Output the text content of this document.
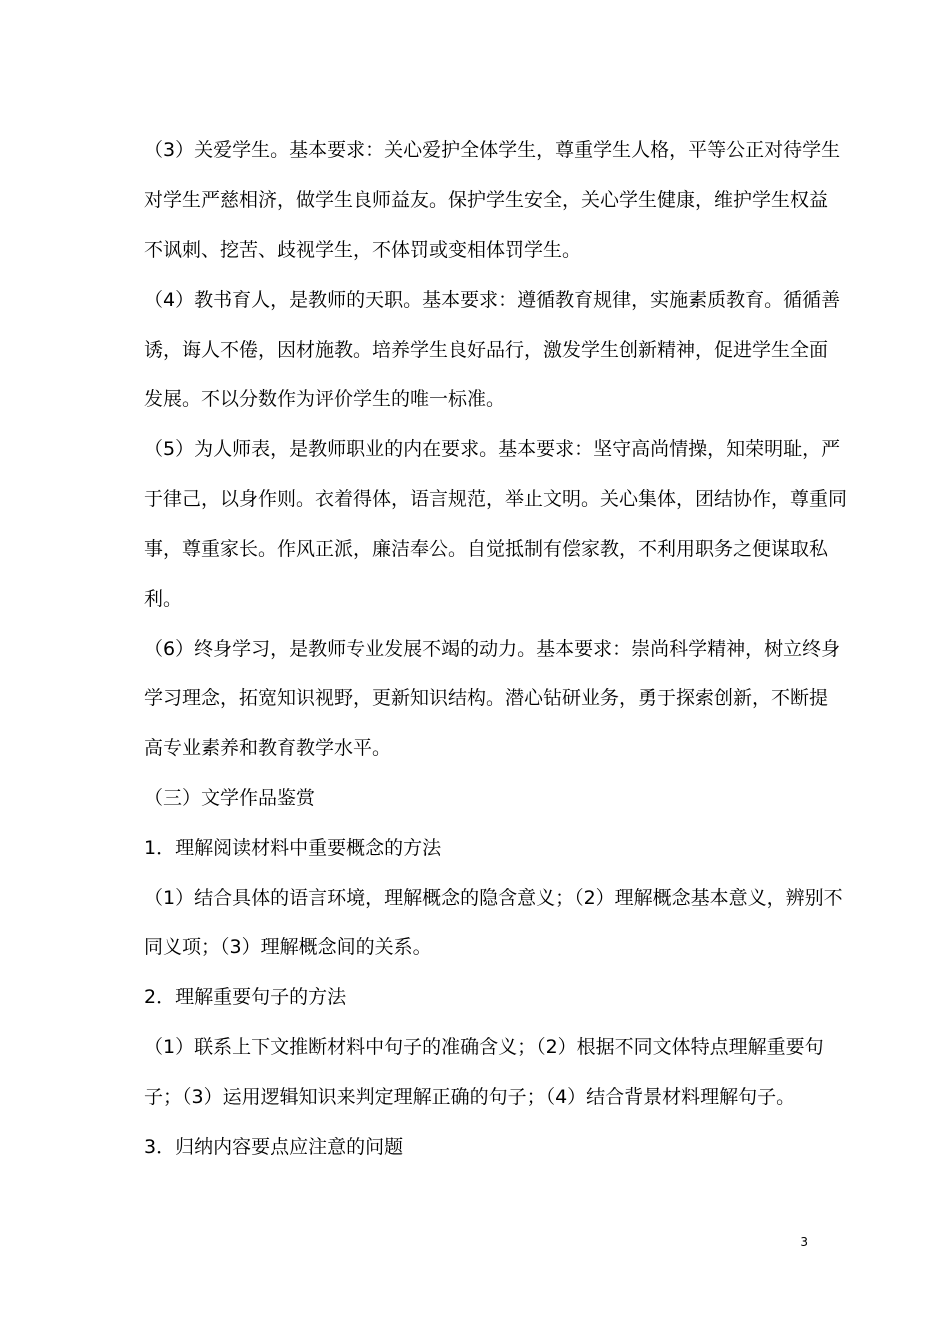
（3）关爱学生。基本要求：关心爱护全体学生，尊重学生人格，平等公正对待学生
对学生严慈相济，做学生良师益友。保护学生安全，关心学生健康，维护学生权益
不讽刺、挖苦、歧视学生，不体罚或变相体罚学生。
（4）教书育人，是教师的天职。基本要求：遵循教育规律，实施素质教育。循循善
诱，诲人不倦，因材施教。培养学生良好品行，激发学生创新精神，促进学生全面
发展。不以分数作为评价学生的唯一标准。
（5）为人师表，是教师职业的内在要求。基本要求：坚守高尚情操，知荣明耻，严
于律己，以身作则。衣着得体，语言规范，举止文明。关心集体，团结协作，尊重同
事，尊重家长。作风正派，廉洁奉公。自觉抵制有偿家教，不利用职务之便谋取私
利。
（6）终身学习，是教师专业发展不竭的动力。基本要求：崇尚科学精神，树立终身
学习理念，拓宽知识视野，更新知识结构。潜心钻研业务，勇于探索创新，不断提
高专业素养和教育教学水平。
（三）文学作品鉴赏
1．理解阅读材料中重要概念的方法
（1）结合具体的语言环境，理解概念的隐含意义；（2）理解概念基本意义，辨别不
同义项；（3）理解概念间的关系。
2．理解重要句子的方法
（1）联系上下文推断材料中句子的准确含义；（2）根据不同文体特点理解重要句
子；（3）运用逻辑知识来判定理解正确的句子；（4）结合背景材料理解句子。
3．归纳内容要点应注意的问题
3
